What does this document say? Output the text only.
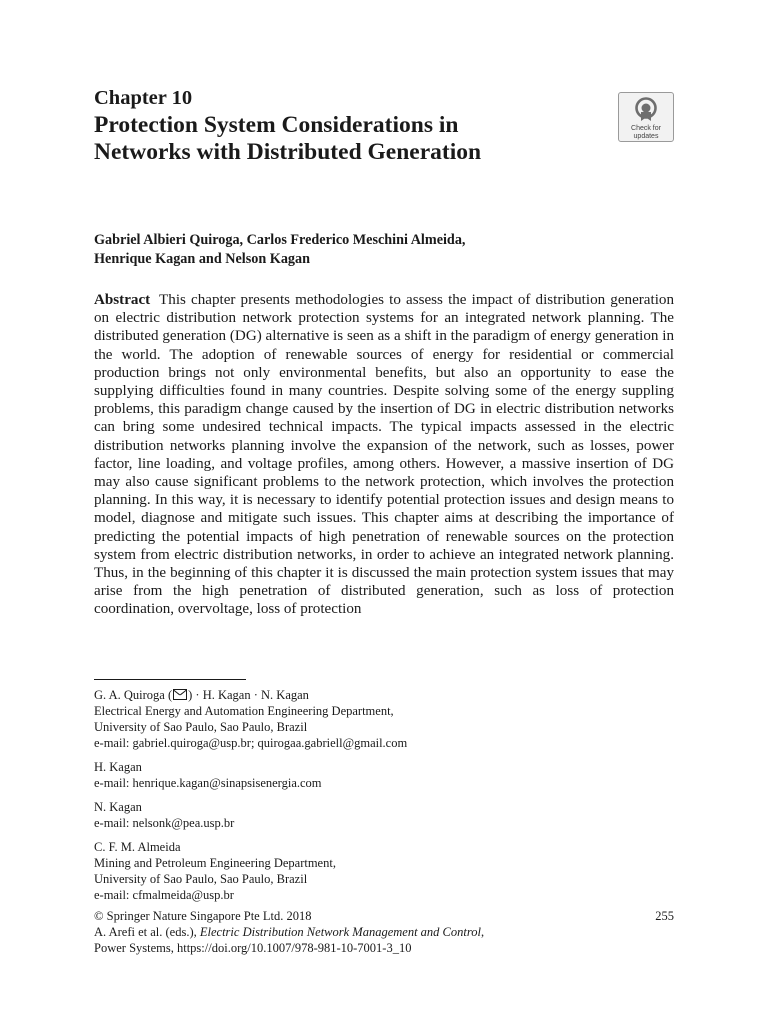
Chapter 10
Protection System Considerations in Networks with Distributed Generation
Gabriel Albieri Quiroga, Carlos Frederico Meschini Almeida,
Henrique Kagan and Nelson Kagan
Abstract This chapter presents methodologies to assess the impact of distribution generation on electric distribution network protection systems for an integrated network planning. The distributed generation (DG) alternative is seen as a shift in the paradigm of energy generation in the world. The adoption of renewable sources of energy for residential or commercial production brings not only environmental benefits, but also an opportunity to ease the supplying difficulties found in many countries. Despite solving some of the energy suppling problems, this paradigm change caused by the insertion of DG in electric distribution networks can bring some undesired technical impacts. The typical impacts assessed in the electric distribution networks planning involve the expansion of the network, such as losses, power factor, line loading, and voltage profiles, among others. However, a massive insertion of DG may also cause significant problems to the network protection, which involves the protection planning. In this way, it is necessary to identify potential protection issues and design means to model, diagnose and mitigate such issues. This chapter aims at describing the importance of predicting the potential impacts of high penetration of renewable sources on the protection system from electric distribution networks, in order to achieve an integrated network planning. Thus, in the beginning of this chapter it is discussed the main protection system issues that may arise from the high penetration of distributed generation, such as loss of protection coordination, overvoltage, loss of protection
G. A. Quiroga ( ) · H. Kagan · N. Kagan
Electrical Energy and Automation Engineering Department,
University of Sao Paulo, Sao Paulo, Brazil
e-mail: gabriel.quiroga@usp.br; quirogaa.gabriell@gmail.com
H. Kagan
e-mail: henrique.kagan@sinapsisenergia.com
N. Kagan
e-mail: nelsonk@pea.usp.br
C. F. M. Almeida
Mining and Petroleum Engineering Department,
University of Sao Paulo, Sao Paulo, Brazil
e-mail: cfmalmeida@usp.br
© Springer Nature Singapore Pte Ltd. 2018	255
A. Arefi et al. (eds.), Electric Distribution Network Management and Control,
Power Systems, https://doi.org/10.1007/978-981-10-7001-3_10
Check for
updates
